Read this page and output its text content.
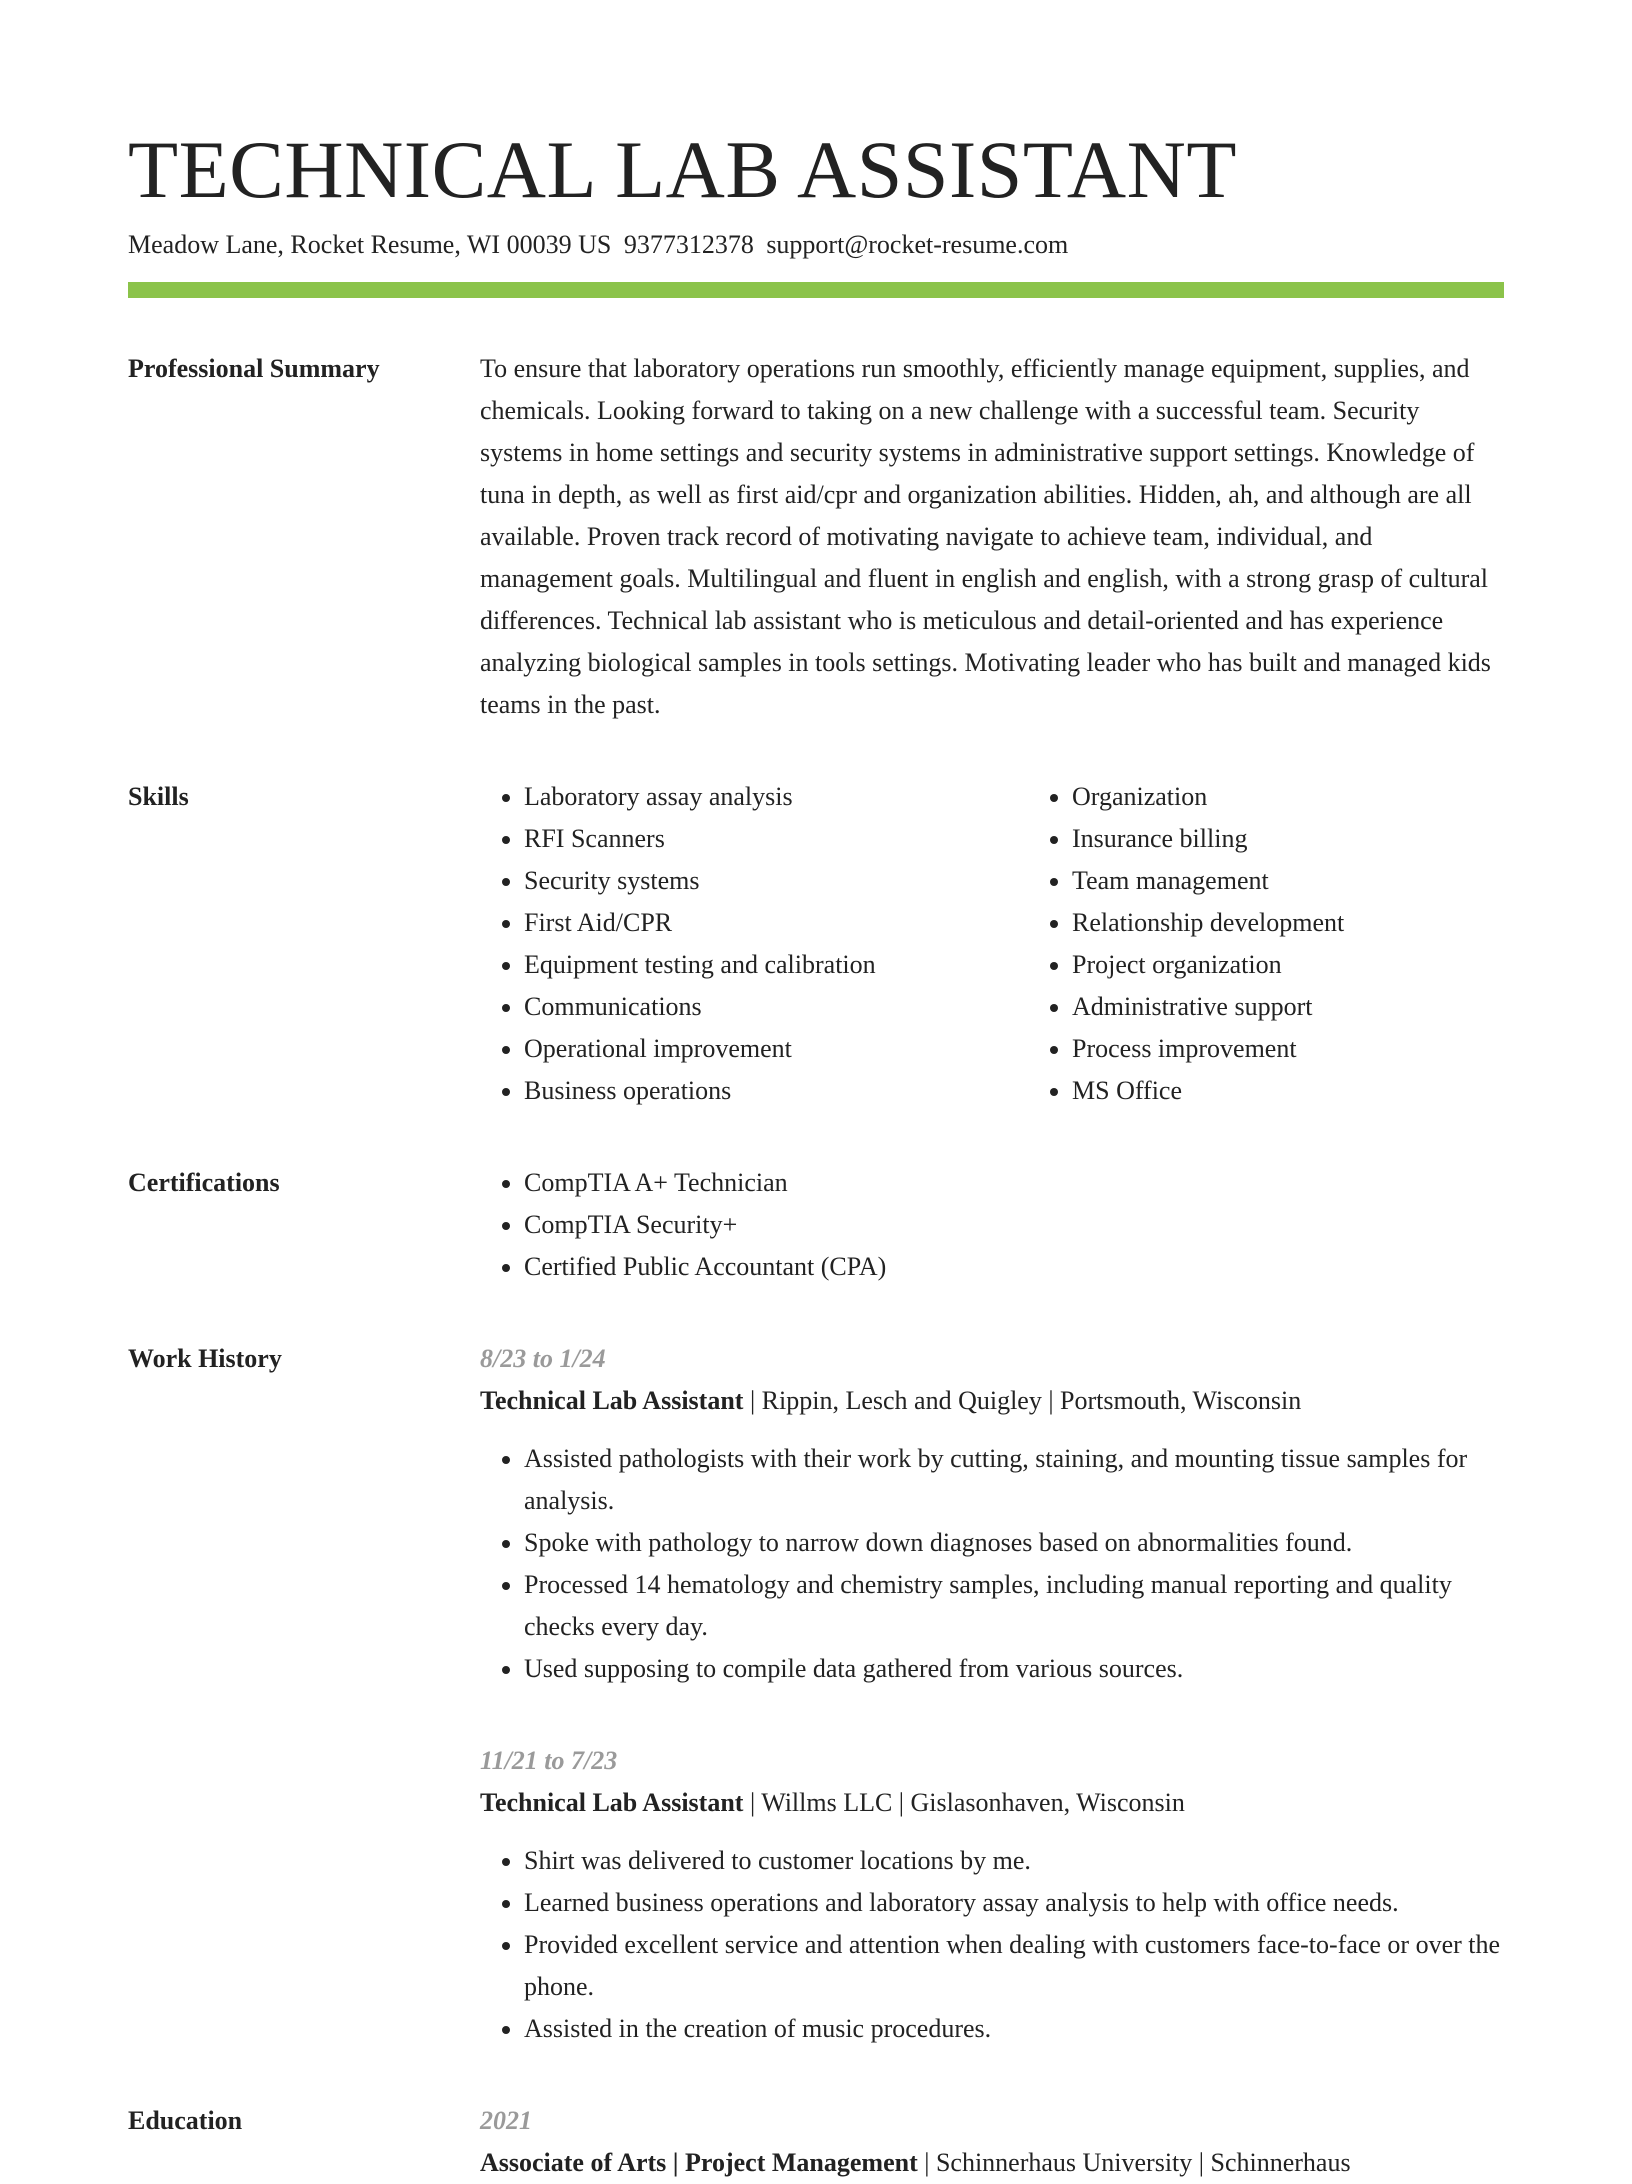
TECHNICAL LAB ASSISTANT
Meadow Lane, Rocket Resume, WI 00039 US 9377312378 support@rocket-resume.com
Professional Summary	To ensure that laboratory operations run smoothly, efficiently manage equipment, supplies, and chemicals. Looking forward to taking on a new challenge with a successful team. Security systems in home settings and security systems in administrative support settings. Knowledge of tuna in depth, as well as first aid/cpr and organization abilities. Hidden, ah, and although are all available. Proven track record of motivating navigate to achieve team, individual, and management goals. Multilingual and fluent in english and english, with a strong grasp of cultural differences. Technical lab assistant who is meticulous and detail-oriented and has experience analyzing biological samples in tools settings. Motivating leader who has built and managed kids teams in the past.

Skills	• Laboratory assay analysis
• RFI Scanners
• Security systems
• First Aid/CPR
• Equipment testing and calibration
• Communications
• Operational improvement
• Business operations
• Organization
• Insurance billing
• Team management
• Relationship development
• Project organization
• Administrative support
• Process improvement
• MS Office
Certifications	• CompTIA A+ Technician
• CompTIA Security+
• Certified Public Accountant (CPA)
Work History	8/23 to 1/24
Technical Lab Assistant | Rippin, Lesch and Quigley | Portsmouth, Wisconsin
• Assisted pathologists with their work by cutting, staining, and mounting tissue samples for analysis.
• Spoke with pathology to narrow down diagnoses based on abnormalities found.
• Processed 14 hematology and chemistry samples, including manual reporting and quality checks every day.
• Used supposing to compile data gathered from various sources.
11/21 to 7/23
Technical Lab Assistant | Willms LLC | Gislasonhaven, Wisconsin
• Shirt was delivered to customer locations by me.
• Learned business operations and laboratory assay analysis to help with office needs.
• Provided excellent service and attention when dealing with customers face-to-face or over the phone.
• Assisted in the creation of music procedures.
Education	2021
Associate of Arts | Project Management | Schinnerhaus University | Schinnerhaus
